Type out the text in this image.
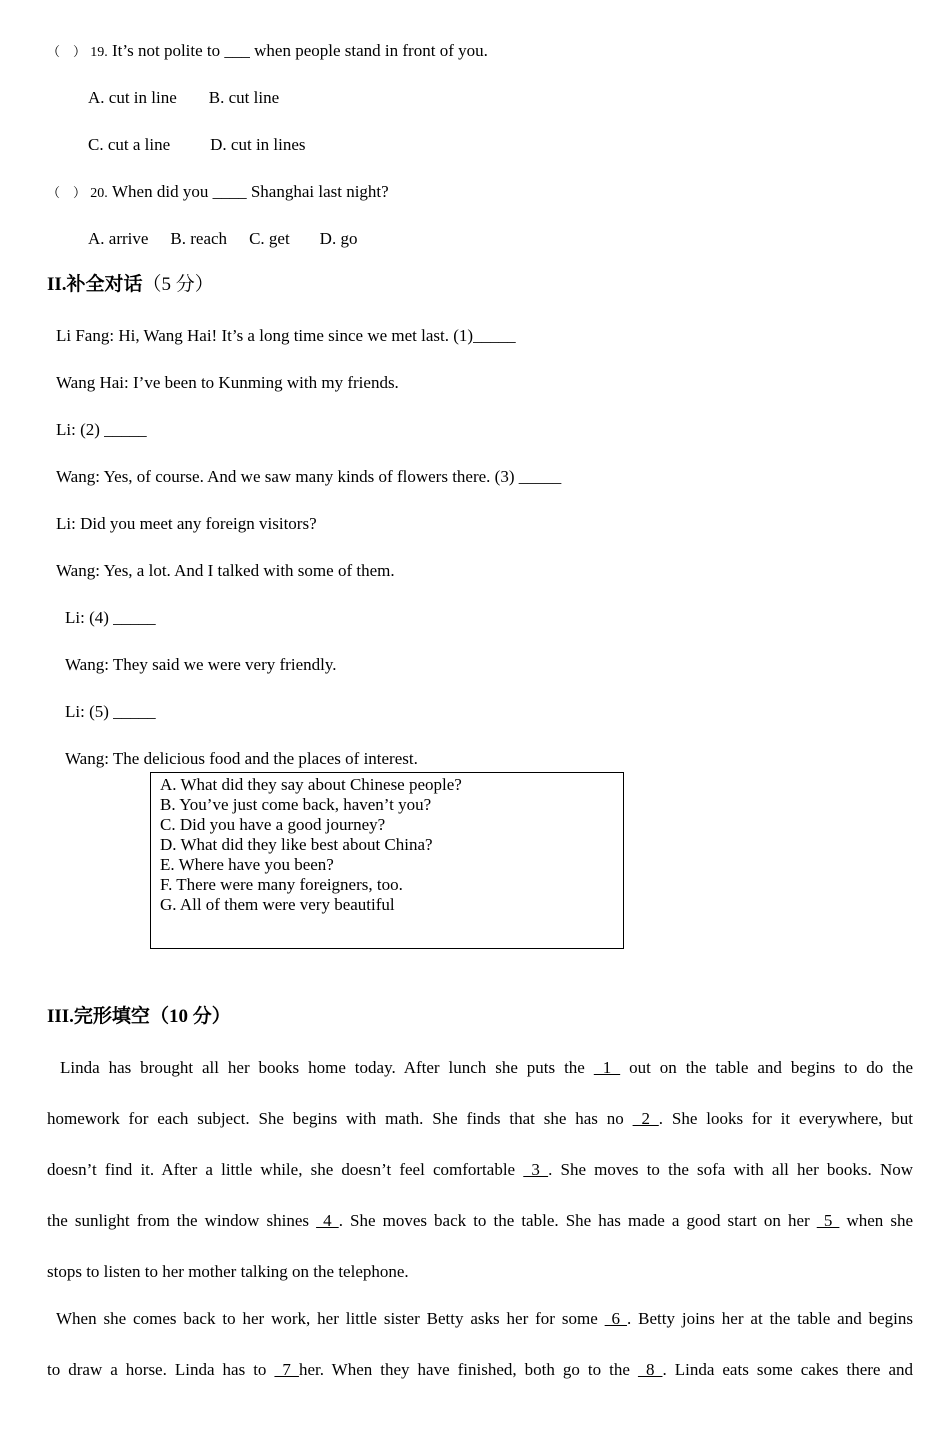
（　） 19. It’s not polite to ___ when people stand in front of you.
A. cut in line B. cut line
C. cut a line D. cut in lines
（　） 20. When did you ____ Shanghai last night?
A. arrive B. reach C. get D. go
II.补全对话（5 分）
Li Fang: Hi, Wang Hai! It’s a long time since we met last. (1)_____
Wang Hai: I’ve been to Kunming with my friends.
Li: (2) _____
Wang: Yes, of course. And we saw many kinds of flowers there. (3) _____
Li: Did you meet any foreign visitors?
Wang: Yes, a lot. And I talked with some of them.
Li: (4) _____
Wang: They said we were very friendly.
Li: (5) _____
Wang: The delicious food and the places of interest.
A. What did they say about Chinese people?
B. You’ve just come back, haven’t you?
C. Did you have a good journey?
D. What did they like best about China?
E. Where have you been?
F. There were many foreigners, too.
G. All of them were very beautiful
III.完形填空（10 分）
Linda has brought all her books home today. After lunch she puts the  1  out on the table and begins to do the
homework for each subject. She begins with math. She finds that she has no  2 . She looks for it everywhere, but
doesn’t find it. After a little while, she doesn’t feel comfortable  3 . She moves to the sofa with all her books. Now
the sunlight from the window shines  4 . She moves back to the table. She has made a good start on her  5  when she
stops to listen to her mother talking on the telephone.
When she comes back to her work, her little sister Betty asks her for some  6 . Betty joins her at the table and begins
to draw a horse. Linda has to  7 her. When they have finished, both go to the  8 . Linda eats some cakes there and
